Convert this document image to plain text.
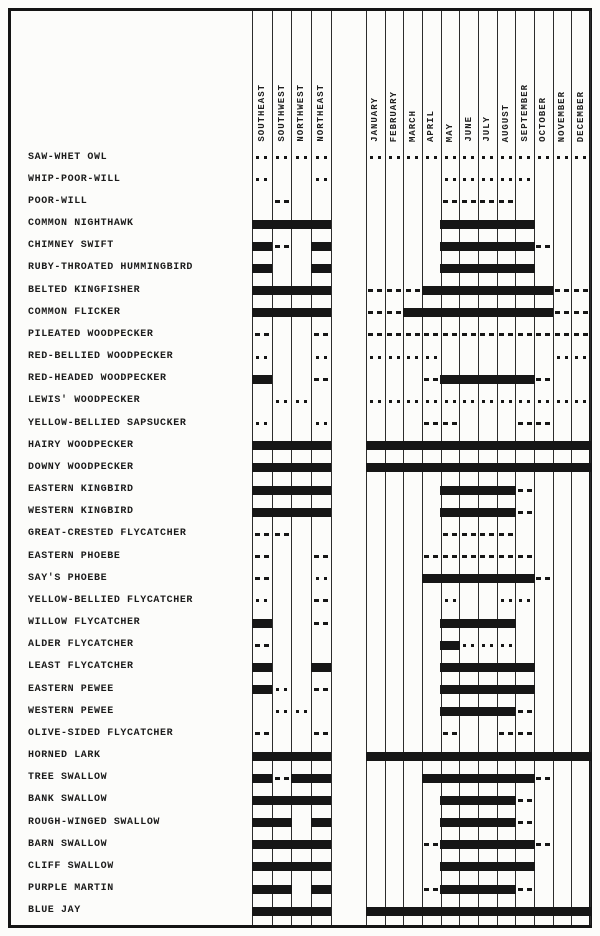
SOUTHEAST SOUTHWEST NORTHWEST NORTHEAST	JANUARY FEBRUARY MARCH APRIL MAY JUNE JULY AUGUST SEPTEMBER OCTOBER NOVEMBER DECEMBER
SAW-WHET OWL
WHIP-POOR-WILL
POOR-WILL
COMMON NIGHTHAWK
CHIMNEY SWIFT
RUBY-THROATED HUMMINGBIRD
BELTED KINGFISHER
COMMON FLICKER
PILEATED WOODPECKER
RED-BELLIED WOODPECKER
RED-HEADED WOODPECKER
LEWIS' WOODPECKER
YELLOW-BELLIED SAPSUCKER
HAIRY WOODPECKER
DOWNY WOODPECKER
EASTERN KINGBIRD
WESTERN KINGBIRD
GREAT-CRESTED FLYCATCHER
EASTERN PHOEBE
SAY'S PHOEBE
YELLOW-BELLIED FLYCATCHER
WILLOW FLYCATCHER
ALDER FLYCATCHER
LEAST FLYCATCHER
EASTERN PEWEE
WESTERN PEWEE
OLIVE-SIDED FLYCATCHER
HORNED LARK
TREE SWALLOW
BANK SWALLOW
ROUGH-WINGED SWALLOW
BARN SWALLOW
CLIFF SWALLOW
PURPLE MARTIN
BLUE JAY
